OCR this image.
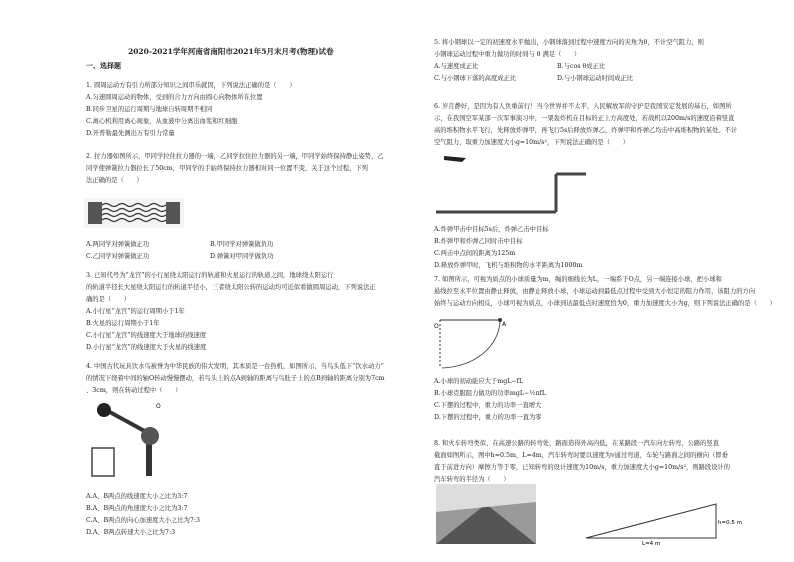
2020-2021学年河南省南阳市2021年5月末月考(物理)试卷
一、选择题
1. 圆周运动方有引力所部分知识之间串乐就因，下列说法正确的是（　　）
A.匀速圆周运动的物体，受到的合力方向由圆心向物体所在位置
B.同步卫星的运行周期与地球自转周期不相同
C.离心机利用离心现象，从血液中分离出血浆和红细胞
D.开普勒最先测出万有引力常量
2. 拉力器如图所示，甲同学拉住拉力器的一端，乙同学拉住拉力器的另一端，甲同学始终保持静止姿势，乙
同学使弹簧拉力器拉长了50cm，甲同学的手始终保持拉力器相对同一位置不变，关于这个过程，下列
法正确的是（　　）
A.两同学对弹簧做正功	B.甲同学对弹簧做负功
C.乙同学对弹簧做正功	D.弹簧对甲同学做负功
3. 已知代号为“龙宫”的小行星绕太阳运行的轨道和火星运行的轨道之间，地球绕太阳运行
的轨道半径长大星绕太阳运行的轨道半径小，三者绕太阳公转的运动均可近似看做圆周运动，下列说法正
确的是（　　）
A.小行星“龙宫”的运行周期小于1年
B.火星的运行周期小于1年
C.小行星“龙宫”的线速度大于地球的线速度
D.小行星“龙宫”的线速度大于火星的线速度
4. 中国古代玩具饮水鸟被誉为中华民族的伟大发明，其本质是一台热机，如图所示，当鸟头低下“饮水动力”
的情况下绕着中间的轴O转动慢慢摆动，若鸟头上的点A到轴的距离与鸟肚子上的点B到轴的距离分别为7cm
、3cm，则在转动过程中（　　）
O
A.A、B两点的线速度大小之比为3:7
B.A、B两点的角速度大小之比为3:7
C.A、B两点的向心加速度大小之比为7:3
D.A、B两点转速大小之比为7:3
5. 将小钢球以一定的初速度水平抛出，小钢球落到过程中速度方向的夹角为θ，不计空气阻力，则
小钢球运动过程中重力做功的时间与 θ 满足（　　）
A.与速度成正比	B.与cos θ成正比
C.与小钢球下落的高度成正比	D.与小钢球运动时间成正比
6. 岁月静好，是因为有人负重前行！当今世界并不太平，人民解放军的守护是我国安定发展的基石，如图所
示，在我国空军某部一次军事演习中，一架轰炸机在目标的正上方高度处，若战机以200m/s的速度沿着竖直
高的堆积物水平飞行，先释放炸弹甲，再飞行5s后释放炸弹乙，炸弹甲和炸弹乙均击中高堆积物的某处。不计
空气阻力，取重力加速度大小g=10m/s²，下列说法正确的是（　　）
A.炸弹甲击中目标5s后，炸弹乙击中目标
B.炸弹甲和炸弹乙同时击中目标
C.两击中点间的距离为125m
D.释放炸弹甲时，飞机与堆积物的水平距离为1000m
7. 如图所示，可视为质点的小球质量为m，绳的细线长为L，一端系于O点，另一端连接小球，把小球和
悬线拉至水平位置由静止释放，由静止释放小球，小球运动到最低点过程中受到大小恒定的阻力作用，该阻力的方向
始终与运动方向相反，小球可视为质点，小球到达最低点时速度恰为0，重力加速度大小为g，则下列说法正确的是（　　）
O	A
A.小球的初动能应大于mgL−fL
B.小球克服阻力做功的功率mgL−½πfL
C.下摆的过程中，重力的功率一直增大
D.下摆的过程中，重力的功率一直为零
8. 和火车转弯类似，在高速公路的转弯处，路面造得外高内低，在某路段一汽车向左转弯，公路的竖直
截面如图所示，图中h=0.5m，L=4m，汽车转弯时要以速度为v通过弯道，车轮与路面之间的横向（即垂
直于前进方向）摩擦力等于零，已知转弯的设计速度为10m/s，重力加速度大小g=10m/s²，则路段设计的
汽车转弯的半径为（　　）
h=0.5 m
L=4 m
